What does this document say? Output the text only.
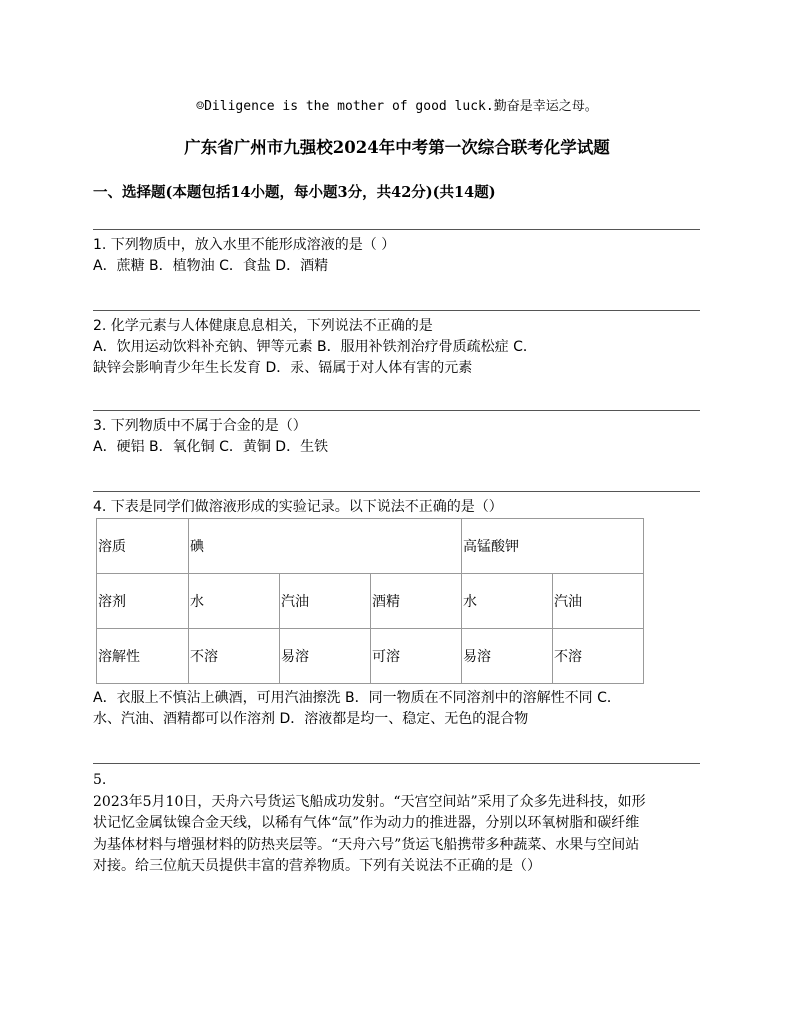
☺Diligence is the mother of good luck.勤奋是幸运之母。
广东省广州市九强校2024年中考第一次综合联考化学试题
一、选择题(本题包括14小题，每小题3分，共42分)(共14题)
1. 下列物质中，放入水里不能形成溶液的是（ ）
A．蔗糖 B．植物油 C．食盐 D．酒精
2. 化学元素与人体健康息息相关，下列说法不正确的是
A．饮用运动饮料补充钠、钾等元素 B．服用补铁剂治疗骨质疏松症 C．
缺锌会影响青少年生长发育 D．汞、镉属于对人体有害的元素
3. 下列物质中不属于合金的是（）
A．硬铝 B．氧化铜 C．黄铜 D．生铁
4. 下表是同学们做溶液形成的实验记录。以下说法不正确的是（）
溶质	碘			高锰酸钾	
溶剂	水	汽油	酒精	水	汽油
溶解性	不溶	易溶	可溶	易溶	不溶
A．衣服上不慎沾上碘酒，可用汽油擦洗 B．同一物质在不同溶剂中的溶解性不同 C．
水、汽油、酒精都可以作溶剂 D．溶液都是均一、稳定、无色的混合物
5.
2023年5月10日，天舟六号货运飞船成功发射。“天宫空间站”采用了众多先进科技，如形
状记忆金属钛镍合金天线，以稀有气体“氙”作为动力的推进器，分别以环氧树脂和碳纤维
为基体材料与增强材料的防热夹层等。“天舟六号”货运飞船携带多种蔬菜、水果与空间站
对接。给三位航天员提供丰富的营养物质。下列有关说法不正确的是（）
